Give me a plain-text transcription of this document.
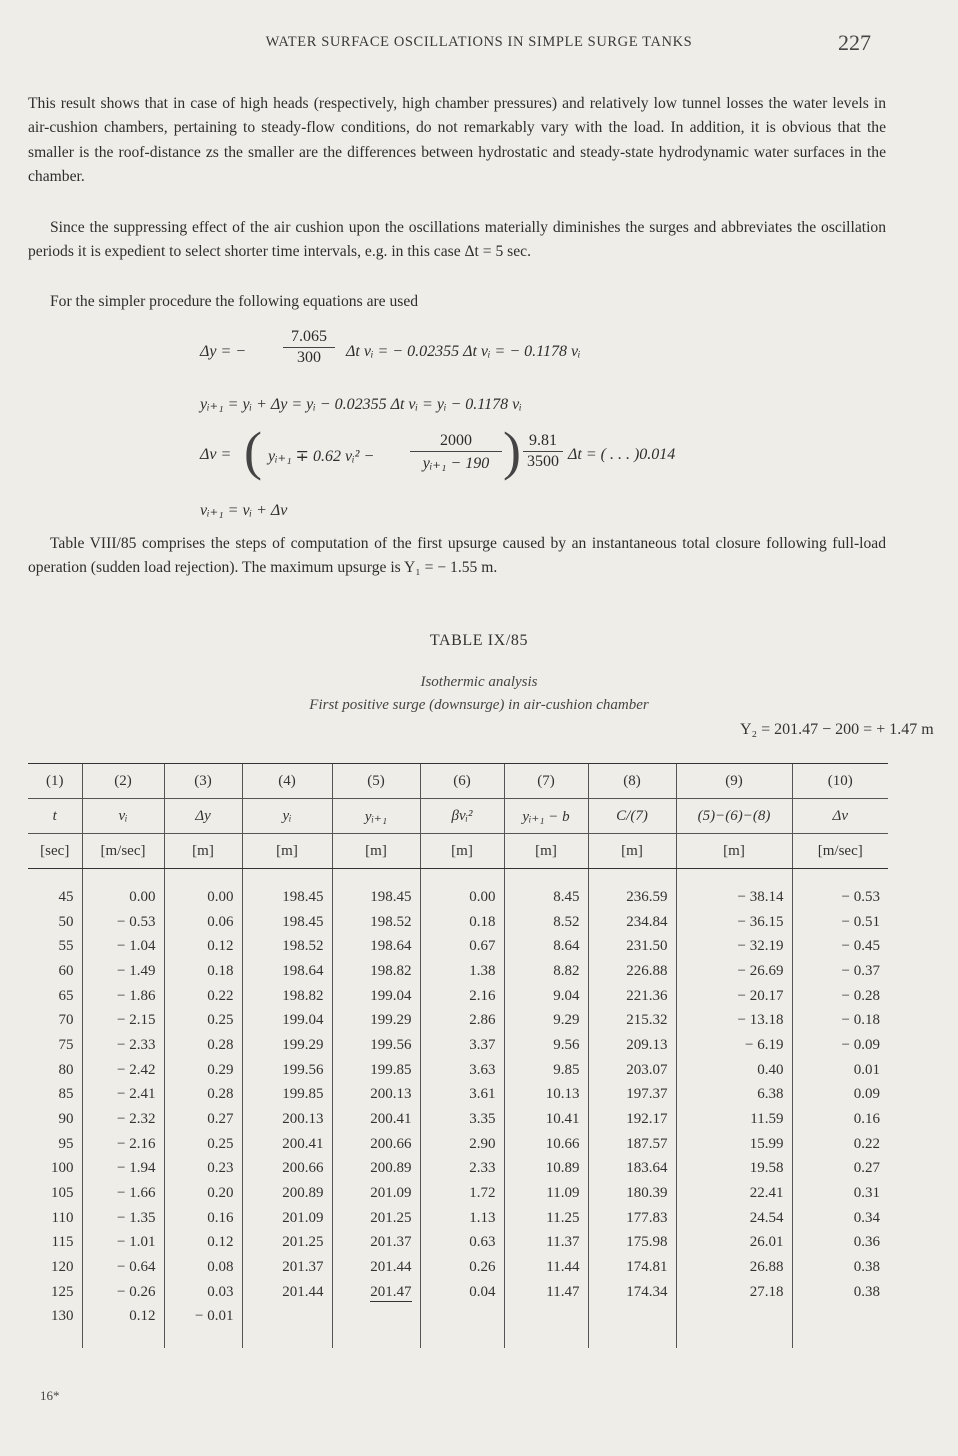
WATER SURFACE OSCILLATIONS IN SIMPLE SURGE TANKS	227
This result shows that in case of high heads (respectively, high chamber pressures) and relatively low tunnel losses the water levels in air-cushion chambers, pertaining to steady-flow conditions, do not remarkably vary with the load. In addition, it is obvious that the smaller is the roof-distance zs the smaller are the differences between hydrostatic and steady-state hydrodynamic water surfaces in the chamber.
Since the suppressing effect of the air cushion upon the oscillations materially diminishes the surges and abbreviates the oscillation periods it is expedient to select shorter time intervals, e.g. in this case Δt = 5 sec.
For the simpler procedure the following equations are used
Δy = −
7.065
300	Δt vᵢ = − 0.02355 Δt vᵢ = − 0.1178 vᵢ
yᵢ₊₁ = yᵢ + Δy = yᵢ − 0.02355 Δt vᵢ = yᵢ − 0.1178 vᵢ
Δv = ( yᵢ₊₁ ∓ 0.62 vᵢ² −
2000
yᵢ₊₁ − 190 ) 9.81
3500 Δt = ( . . . )0.014
vᵢ₊₁ = vᵢ + Δv
Table VIII/85 comprises the steps of computation of the first upsurge caused by an instantaneous total closure following full-load operation (sudden load rejection). The maximum upsurge is Y₁ = − 1.55 m.
TABLE IX/85
Isothermic analysis
First positive surge (downsurge) in air-cushion chamber
Y₂ = 201.47 − 200 = + 1.47 m
(1)	(2)	(3)	(4)	(5)	(6)	(7)	(8)	(9)	(10)
t	vᵢ	Δy	yᵢ	yᵢ₊₁	βvᵢ²	yᵢ₊₁ − b	C/(7)	(5)−(6)−(8)	Δv
[sec]	[m/sec]	[m]	[m]	[m]	[m]	[m]	[m]	[m]	[m/sec]

45	0.00	0.00	198.45	198.45	0.00	8.45	236.59	− 38.14	− 0.53
50	− 0.53	0.06	198.45	198.52	0.18	8.52	234.84	− 36.15	− 0.51
55	− 1.04	0.12	198.52	198.64	0.67	8.64	231.50	− 32.19	− 0.45
60	− 1.49	0.18	198.64	198.82	1.38	8.82	226.88	− 26.69	− 0.37
65	− 1.86	0.22	198.82	199.04	2.16	9.04	221.36	− 20.17	− 0.28
70	− 2.15	0.25	199.04	199.29	2.86	9.29	215.32	− 13.18	− 0.18
75	− 2.33	0.28	199.29	199.56	3.37	9.56	209.13	− 6.19	− 0.09
80	− 2.42	0.29	199.56	199.85	3.63	9.85	203.07	0.40	0.01
85	− 2.41	0.28	199.85	200.13	3.61	10.13	197.37	6.38	0.09
90	− 2.32	0.27	200.13	200.41	3.35	10.41	192.17	11.59	0.16
95	− 2.16	0.25	200.41	200.66	2.90	10.66	187.57	15.99	0.22
100	− 1.94	0.23	200.66	200.89	2.33	10.89	183.64	19.58	0.27
105	− 1.66	0.20	200.89	201.09	1.72	11.09	180.39	22.41	0.31
110	− 1.35	0.16	201.09	201.25	1.13	11.25	177.83	24.54	0.34
115	− 1.01	0.12	201.25	201.37	0.63	11.37	175.98	26.01	0.36
120	− 0.64	0.08	201.37	201.44	0.26	11.44	174.81	26.88	0.38
125	− 0.26	0.03	201.44	201.47	0.04	11.47	174.34	27.18	0.38
130	0.12	− 0.01							
16*
